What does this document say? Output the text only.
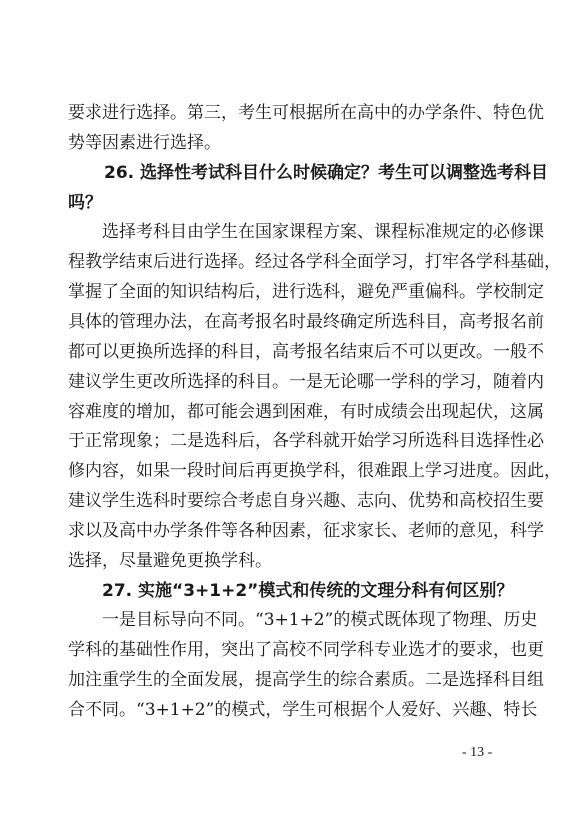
要求进行选择。第三，考生可根据所在高中的办学条件、特色优
势等因素进行选择。
26. 选择性考试科目什么时候确定？考生可以调整选考科目
吗？
选择考科目由学生在国家课程方案、课程标准规定的必修课
程教学结束后进行选择。经过各学科全面学习，打牢各学科基础，
掌握了全面的知识结构后，进行选科，避免严重偏科。学校制定
具体的管理办法，在高考报名时最终确定所选科目，高考报名前
都可以更换所选择的科目，高考报名结束后不可以更改。一般不
建议学生更改所选择的科目。一是无论哪一学科的学习，随着内
容难度的增加，都可能会遇到困难，有时成绩会出现起伏，这属
于正常现象；二是选科后，各学科就开始学习所选科目选择性必
修内容，如果一段时间后再更换学科，很难跟上学习进度。因此，
建议学生选科时要综合考虑自身兴趣、志向、优势和高校招生要
求以及高中办学条件等各种因素，征求家长、老师的意见，科学
选择，尽量避免更换学科。
27. 实施“3+1+2”模式和传统的文理分科有何区别？
一是目标导向不同。“3+1+2”的模式既体现了物理、历史
学科的基础性作用，突出了高校不同学科专业选才的要求，也更
加注重学生的全面发展，提高学生的综合素质。二是选择科目组
合不同。“3+1+2”的模式，学生可根据个人爱好、兴趣、特长
- 13 -
